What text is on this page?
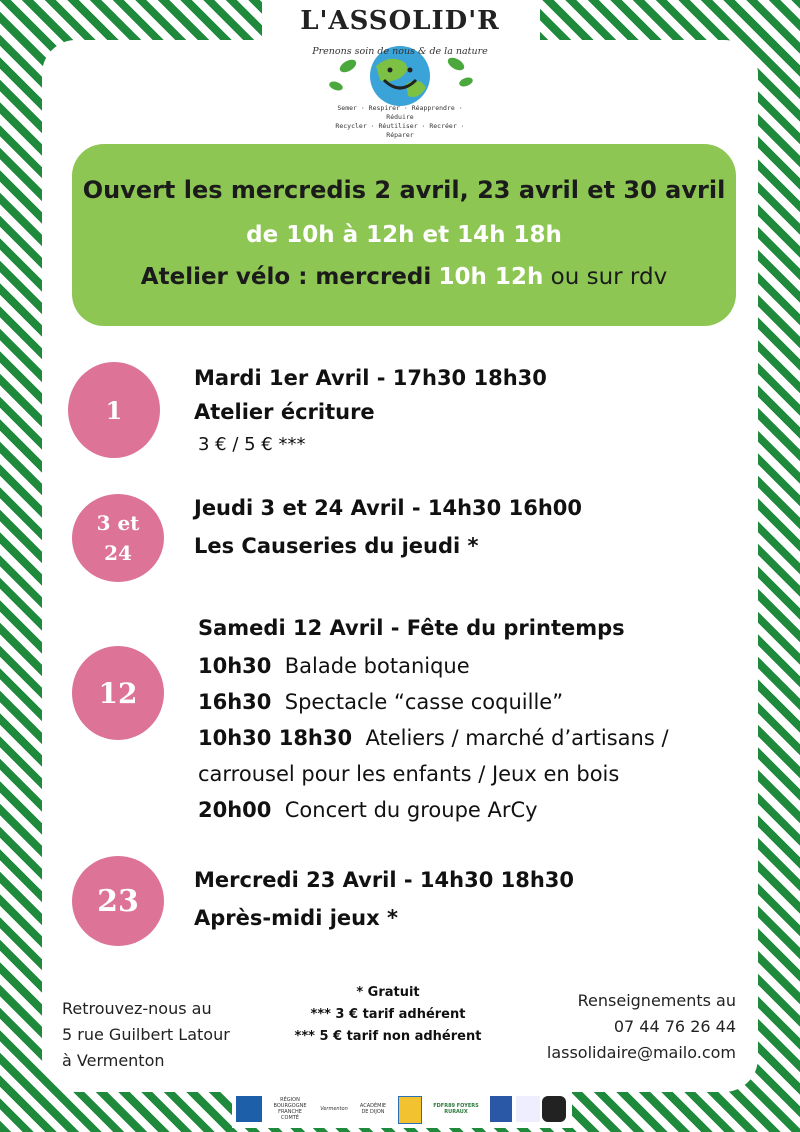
L'ASSOLID'R
Prenons soin de nous & de la nature
Semer · Respirer · Réapprendre · Réduire
Recycler · Réutiliser · Recréer · Réparer
Ouvert les mercredis 2 avril, 23 avril et 30 avril
de 10h à 12h et 14h 18h
Atelier vélo : mercredi 10h 12h ou sur rdv
1
Mardi 1er Avril - 17h30 18h30
Atelier écriture
3 € / 5 € ***
3 et
24
Jeudi 3 et 24 Avril - 14h30 16h00
Les Causeries du jeudi *
12
Samedi 12 Avril - Fête du printemps
10h30 Balade botanique
16h30 Spectacle “casse coquille”
10h30 18h30 Ateliers / marché d’artisans /
carrousel pour les enfants / Jeux en bois
20h00 Concert du groupe ArCy
23
Mercredi 23 Avril - 14h30 18h30
Après-midi jeux *
Retrouvez-nous au
5 rue Guilbert Latour
à Vermenton
* Gratuit
*** 3 € tarif adhérent
*** 5 € tarif non adhérent
Renseignements au
07 44 76 26 44
lassolidaire@mailo.com
RÉGION BOURGOGNE FRANCHE COMTÉ
Vermenton	ACADÉMIE DE DIJON
FDFR89 FOYERS RURAUX
